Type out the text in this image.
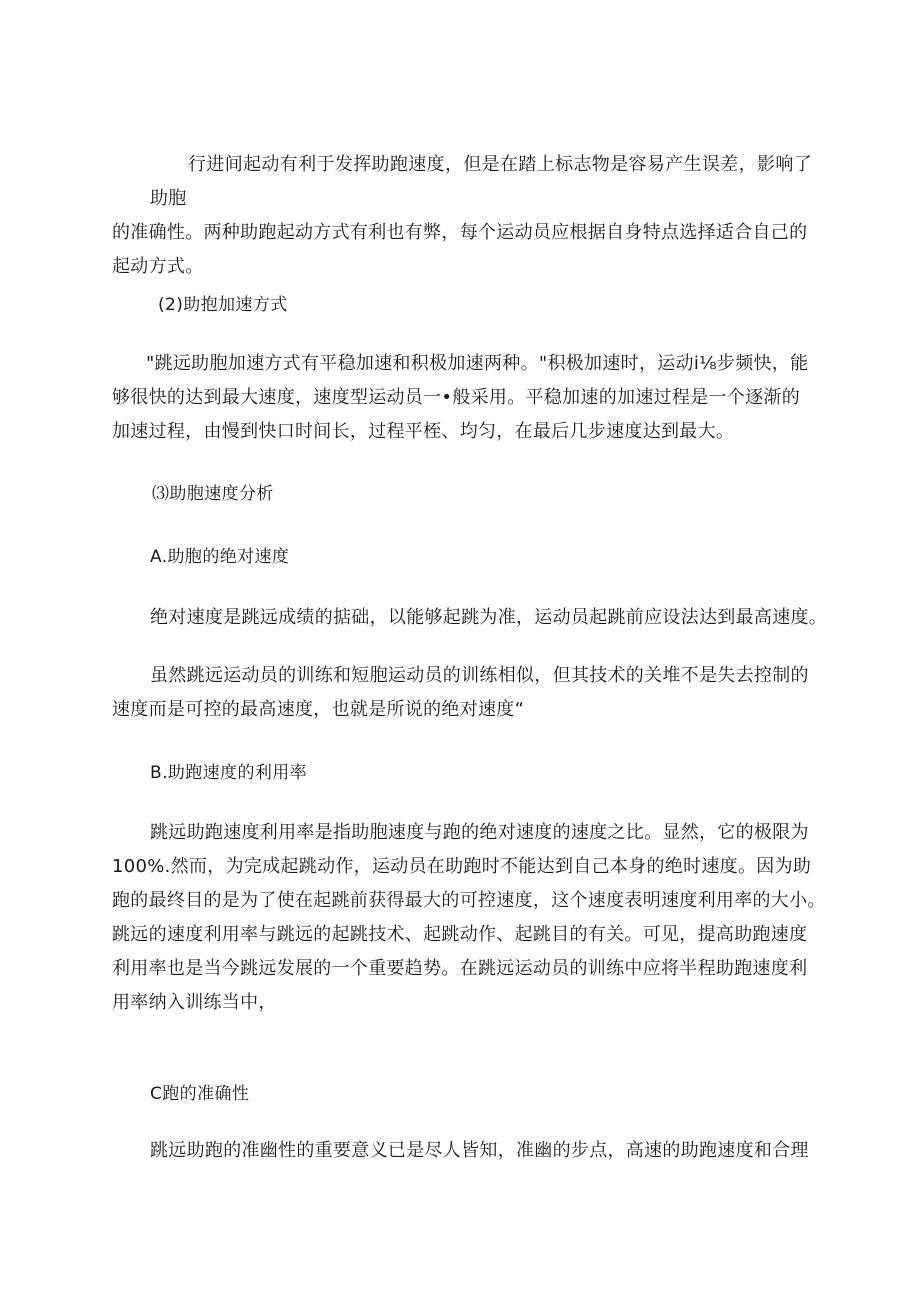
行进间起动有利于发挥助跑速度，但是在踏上标志物是容易产生误差，影响了助胞
的准确性。两种助跑起动方式有利也有弊，每个运动员应根据自身特点选择适合自己的
起动方式。
(2)助抱加速方式
"跳远助胞加速方式有平稳加速和积极加速两种。"积极加速时，运动i⅛步频快，能
够很快的达到最大速度，速度型运动员一•般采用。平稳加速的加速过程是一个逐渐的
加速过程，由慢到快口时间长，过程平桎、均匀，在最后几步速度达到最大。
⑶助胞速度分析
A.助胞的绝对速度
绝对速度是跳远成绩的掂础，以能够起跳为准，运动员起跳前应设法达到最高速度。
虽然跳远运动员的训练和短胞运动员的训练相似，但其技术的关堆不是失去控制的
速度而是可控的最高速度，也就是所说的绝对速度“
B.助跑速度的利用率
跳远助跑速度利用率是指助胞速度与跑的绝对速度的速度之比。显然，它的极限为
100%.然而，为完成起跳动作，运动员在助跑时不能达到自己本身的绝时速度。因为助
跑的最终目的是为了使在起跳前获得最大的可控速度，这个速度表明速度利用率的大小。
跳远的速度利用率与跳远的起跳技术、起跳动作、起跳目的有关。可见，提高助跑速度
利用率也是当今跳远发展的一个重要趋势。在跳远运动员的训练中应将半程助跑速度利
用率纳入训练当中，
C跑的准确性
跳远助跑的准幽性的重要意义已是尽人皆知，准幽的步点，高速的助跑速度和合理
